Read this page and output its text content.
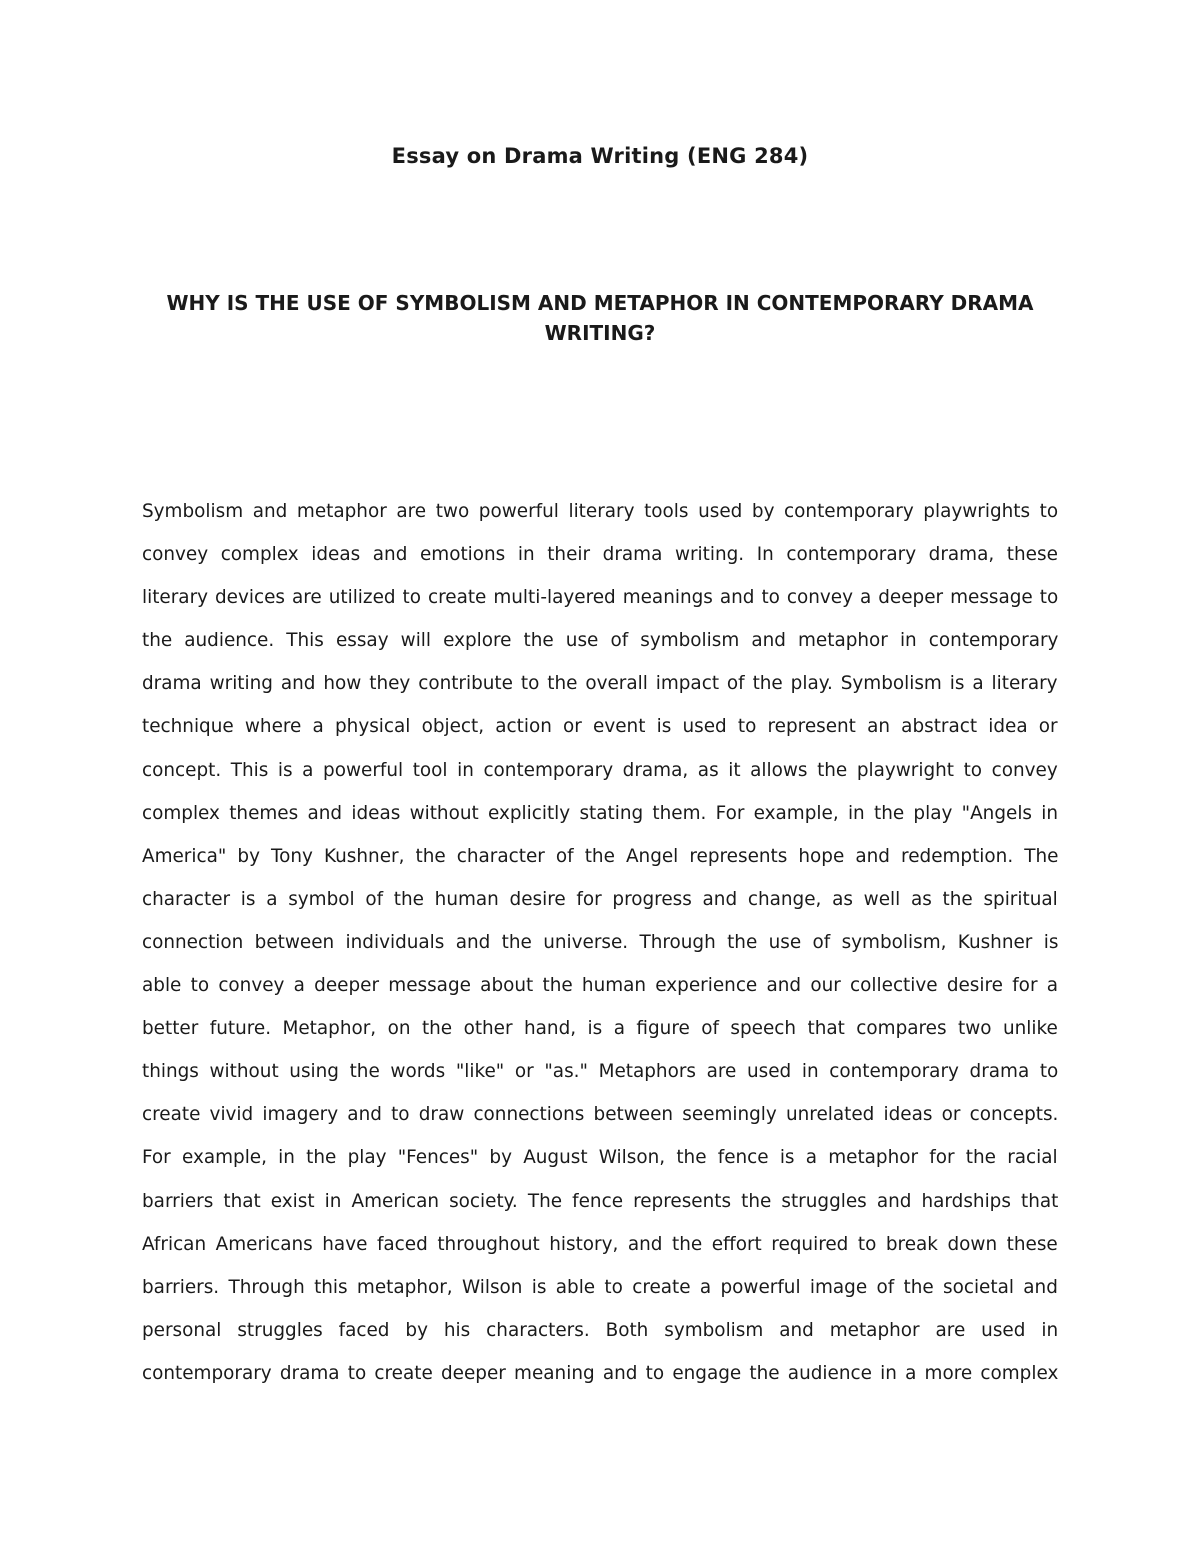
Essay on Drama Writing (ENG 284)
WHY IS THE USE OF SYMBOLISM AND METAPHOR IN CONTEMPORARY DRAMA WRITING?
Symbolism and metaphor are two powerful literary tools used by contemporary playwrights to
convey complex ideas and emotions in their drama writing. In contemporary drama, these
literary devices are utilized to create multi-layered meanings and to convey a deeper message to
the audience. This essay will explore the use of symbolism and metaphor in contemporary
drama writing and how they contribute to the overall impact of the play. Symbolism is a literary
technique where a physical object, action or event is used to represent an abstract idea or
concept. This is a powerful tool in contemporary drama, as it allows the playwright to convey
complex themes and ideas without explicitly stating them. For example, in the play "Angels in
America" by Tony Kushner, the character of the Angel represents hope and redemption. The
character is a symbol of the human desire for progress and change, as well as the spiritual
connection between individuals and the universe. Through the use of symbolism, Kushner is
able to convey a deeper message about the human experience and our collective desire for a
better future. Metaphor, on the other hand, is a figure of speech that compares two unlike
things without using the words "like" or "as." Metaphors are used in contemporary drama to
create vivid imagery and to draw connections between seemingly unrelated ideas or concepts.
For example, in the play "Fences" by August Wilson, the fence is a metaphor for the racial
barriers that exist in American society. The fence represents the struggles and hardships that
African Americans have faced throughout history, and the effort required to break down these
barriers. Through this metaphor, Wilson is able to create a powerful image of the societal and
personal struggles faced by his characters. Both symbolism and metaphor are used in
contemporary drama to create deeper meaning and to engage the audience in a more complex
